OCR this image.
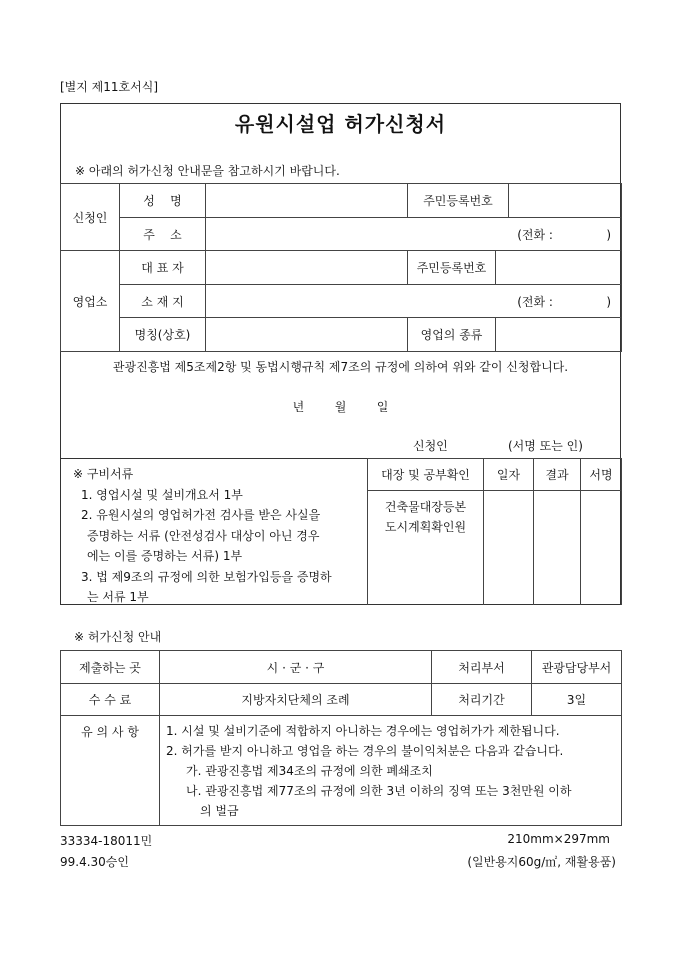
[별지 제11호서식]
유원시설업 허가신청서
※ 아래의 허가신청 안내문을 참고하시기 바랍니다.
신청인	성    명		주민등록번호		
	주    소	(전화 :              )			
영업소	대 표 자		주민등록번호		
	소 재 지	(전화 :              )			
	명칭(상호)		영업의 종류		
관광진흥법 제5조제2항 및 동법시행규칙 제7조의 규정에 의하여 위와 같이 신청합니다.
년        월        일
신청인	(서명 또는 인)
※ 구비서류
1. 영업시설 및 설비개요서 1부
2. 유원시설의 영업허가전 검사를 받은 사실을
증명하는 서류 (안전성검사 대상이 아닌 경우
에는 이를 증명하는 서류) 1부
3. 법 제9조의 규정에 의한 보험가입등을 증명하
는 서류 1부
대장 및 공부확인	일자	결과	서명

건축물대장등본
도시계획확인원			

※ 허가신청 안내
제출하는 곳	시 · 군 · 구	처리부서	관광담당부서
수 수 료	지방자치단체의 조례	처리기간	3일
유 의 사 항	1. 시설 및 설비기준에 적합하지 아니하는 경우에는 영업허가가 제한됩니다.
2. 허가를 받지 아니하고 영업을 하는 경우의 불이익처분은 다음과 같습니다.
가. 관광진흥법 제34조의 규정에 의한 폐쇄조치
나. 관광진흥법 제77조의 규정에 의한 3년 이하의 징역 또는 3천만원 이하
의 벌금		
33334-18011민
99.4.30승인
210mm×297mm
(일반용지60g/㎡, 재활용품)
